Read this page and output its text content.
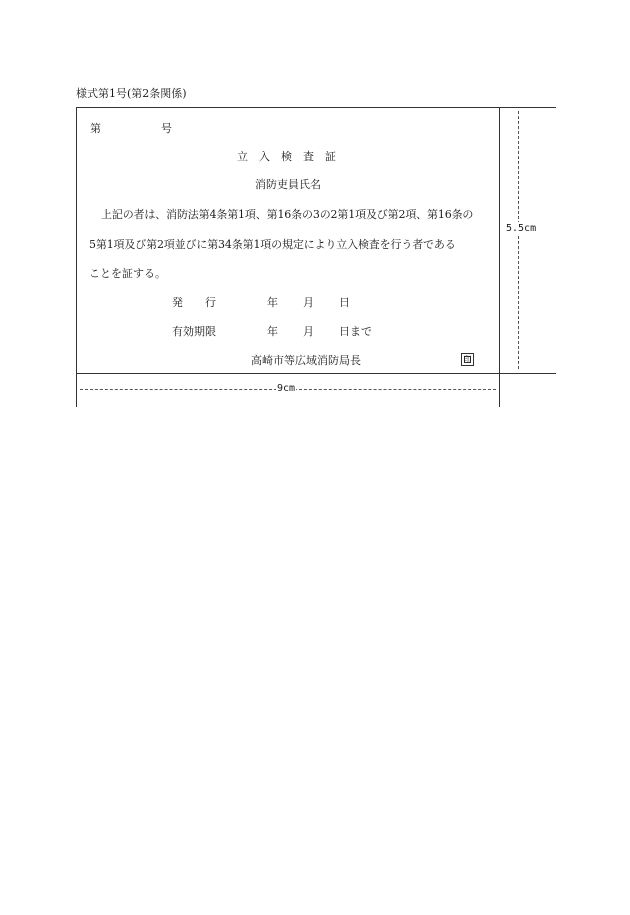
様式第1号(第2条関係)
第	号
立　入　検　査　証
消防吏員氏名
上記の者は、消防法第4条第1項、第16条の3の2第1項及び第2項、第16条の
5第1項及び第2項並びに第34条第1項の規定により立入検査を行う者である
ことを証する。
発　　行	年 月 日
有効期限	年 月 日まで
高崎市等広域消防局長	印
5.5cm
9cm
